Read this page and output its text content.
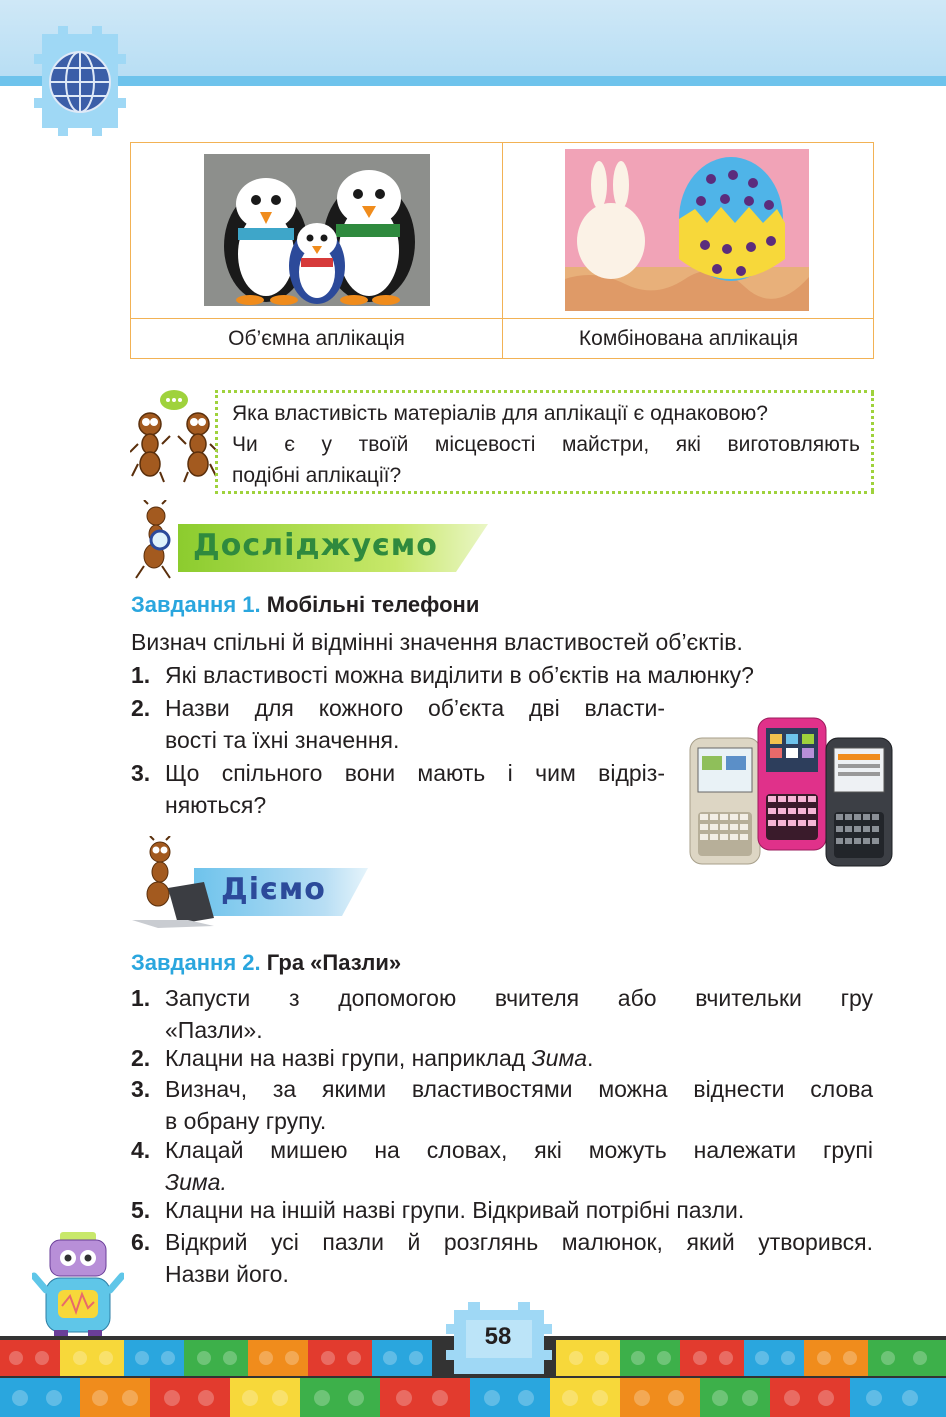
Об’ємна аплікація	Комбінована аплікація
Яка властивість матеріалів для аплікації є однаковою?
Чи є у твоїй місцевості майстри, які виготовляють
подібні аплікації?
Досліджуємо
Завдання 1. Мобільні телефони
Визнач спільні й відмінні значення властивостей об’єктів.
1. Які властивості можна виділити в об’єктів на малюнку?
2. Назви для кожного об’єкта дві власти-
вості та їхні значення.
3. Що спільного вони мають і чим відріз-
няються?
Діємо
Завдання 2. Гра «Пазли»
1. Запусти з допомогою вчителя або вчительки гру
«Пазли».
2. Клацни на назві групи, наприклад Зима.
3. Визнач, за якими властивостями можна віднести слова
в обрану групу.
4. Клацай мишею на словах, які можуть належати групі
Зима.
5. Клацни на іншій назві групи. Відкривай потрібні пазли.
6. Відкрий усі пазли й розглянь малюнок, який утворився.
Назви його.
58
